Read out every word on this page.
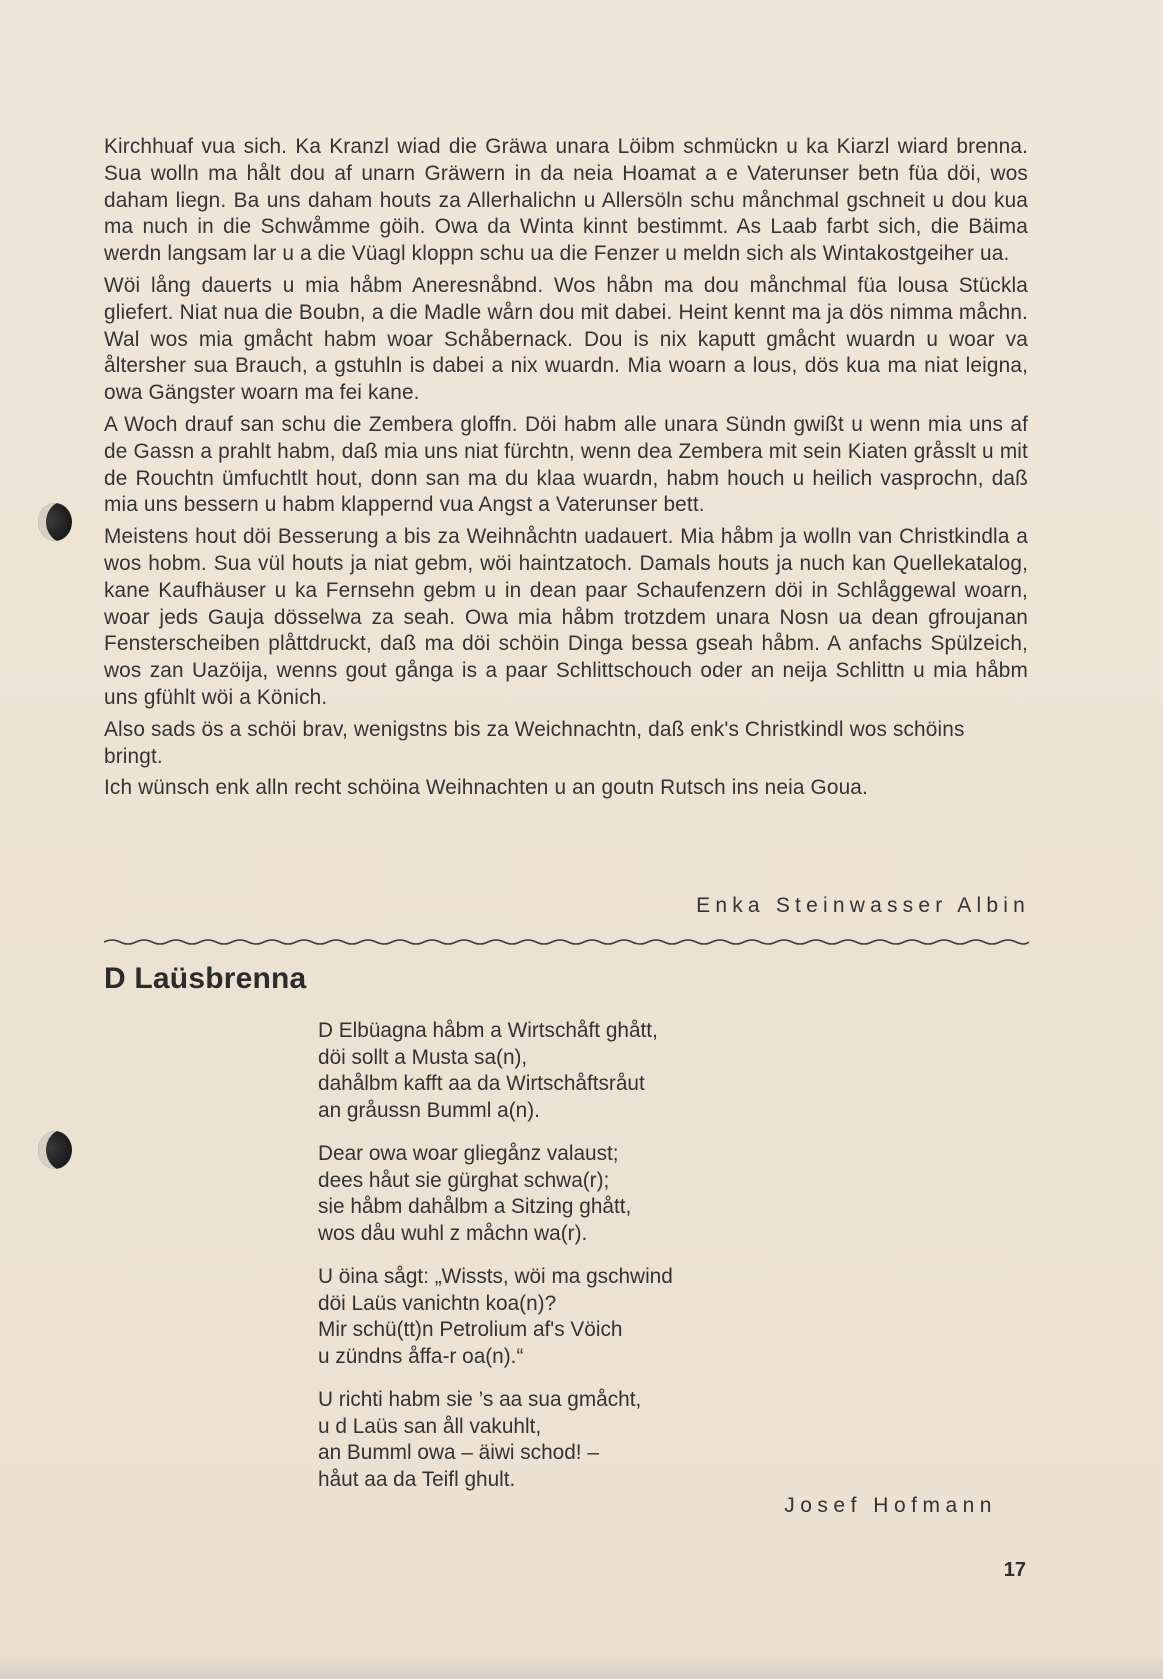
Kirchhuaf vua sich. Ka Kranzl wiad die Gräwa unara Löibm schmückn u ka Kiarzl wiard brenna. Sua wolln ma hålt dou af unarn Gräwern in da neia Hoamat a e Vaterunser betn füa döi, wos daham liegn. Ba uns daham houts za Allerhalichn u Allersöln schu månchmal gschneit u dou kua ma nuch in die Schwåmme göih. Owa da Winta kinnt bestimmt. As Laab farbt sich, die Bäima werdn langsam lar u a die Vüagl kloppn schu ua die Fenzer u meldn sich als Wintakostgeiher ua.

Wöi lång dauerts u mia håbm Aneresnåbnd. Wos håbn ma dou månchmal füa lousa Stückla gliefert. Niat nua die Boubn, a die Madle wårn dou mit dabei. Heint kennt ma ja dös nimma måchn. Wal wos mia gmåcht habm woar Schåbernack. Dou is nix kaputt gmåcht wuardn u woar va åltersher sua Brauch, a gstuhln is dabei a nix wuardn. Mia woarn a lous, dös kua ma niat leigna, owa Gängster woarn ma fei kane.

A Woch drauf san schu die Zembera gloffn. Döi habm alle unara Sündn gwißt u wenn mia uns af de Gassn a prahlt habm, daß mia uns niat fürchtn, wenn dea Zembera mit sein Kiaten gråsslt u mit de Rouchtn ümfuchtlt hout, donn san ma du klaa wuardn, habm houch u heilich vasprochn, daß mia uns bessern u habm klappernd vua Angst a Vaterunser bett.

Meistens hout döi Besserung a bis za Weihnåchtn uadauert. Mia håbm ja wolln van Christkindla a wos hobm. Sua vül houts ja niat gebm, wöi haintzatoch. Damals houts ja nuch kan Quellekatalog, kane Kaufhäuser u ka Fernsehn gebm u in dean paar Schaufenzern döi in Schlåggewal woarn, woar jeds Gauja dösselwa za seah. Owa mia håbm trotzdem unara Nosn ua dean gfroujanan Fensterscheiben plåttdruckt, daß ma döi schöin Dinga bessa gseah håbm. A anfachs Spülzeich, wos zan Uazöija, wenns gout gånga is a paar Schlittschouch oder an neija Schlittn u mia håbm uns gfühlt wöi a Könich.

Also sads ös a schöi brav, wenigstns bis za Weichnachtn, daß enk's Christkindl wos schöins bringt.

Ich wünsch enk alln recht schöina Weihnachten u an goutn Rutsch ins neia Goua.

Enka Steinwasser Albin
D Laüsbrenna
D Elbüagna håbm a Wirtschåft ghått,
döi sollt a Musta sa(n),
dahålbm kafft aa da Wirtschåftsråut
an gråussn Bumml a(n).
Dear owa woar gliegånz valaust;
dees håut sie gürghat schwa(r);
sie håbm dahålbm a Sitzing ghått,
wos dåu wuhl z måchn wa(r).
U öina sågt: „Wissts, wöi ma gschwind
döi Laüs vanichtn koa(n)?
Mir schü(tt)n Petrolium af's Vöich
u zündns åffa-r oa(n).“
U richti habm sie ’s aa sua gmåcht,
u d Laüs san åll vakuhlt,
an Bumml owa – äiwi schod! –
håut aa da Teifl ghult.
Josef Hofmann
17
